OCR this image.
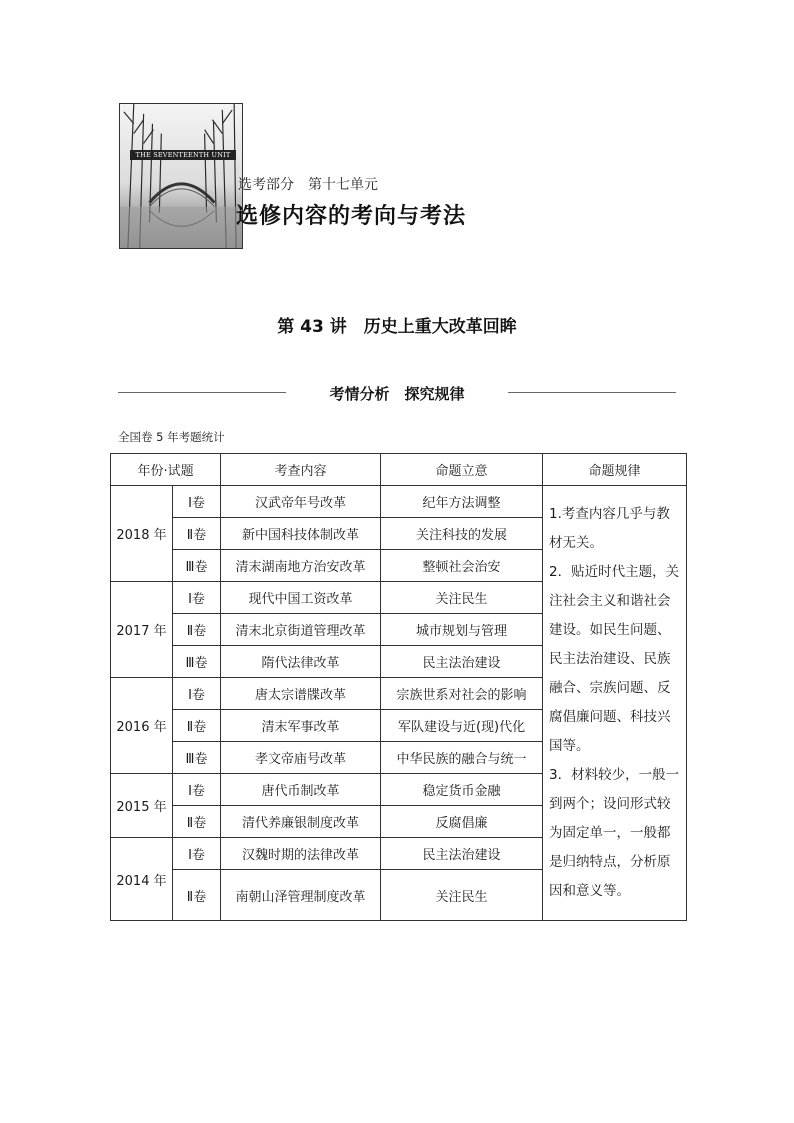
THE SEVENTEENTH UNIT
选考部分　第十七单元
选修内容的考向与考法
第 43 讲　历史上重大改革回眸
考情分析　探究规律
全国卷 5 年考题统计
年份·试题		考查内容	命题立意	命题规律
2018 年	Ⅰ卷	汉武帝年号改革	纪年方法调整	1.考查内容几乎与教材无关。

2．贴近时代主题，关注社会主义和谐社会建设。如民生问题、民主法治建设、民族融合、宗族问题、反腐倡廉问题、科技兴国等。

3．材料较少，一般一到两个；设问形式较为固定单一，一般都是归纳特点，分析原因和意义等。

	Ⅱ卷	新中国科技体制改革	关注科技的发展	
	Ⅲ卷	清末湖南地方治安改革	整顿社会治安	
2017 年	Ⅰ卷	现代中国工资改革	关注民生	
	Ⅱ卷	清末北京街道管理改革	城市规划与管理	
	Ⅲ卷	隋代法律改革	民主法治建设	
2016 年	Ⅰ卷	唐太宗谱牒改革	宗族世系对社会的影响	
	Ⅱ卷	清末军事改革	军队建设与近(现)代化	
	Ⅲ卷	孝文帝庙号改革	中华民族的融合与统一	
2015 年	Ⅰ卷	唐代币制改革	稳定货币金融	
	Ⅱ卷	清代养廉银制度改革	反腐倡廉	
2014 年	Ⅰ卷	汉魏时期的法律改革	民主法治建设	
	Ⅱ卷	南朝山泽管理制度改革	关注民生	
